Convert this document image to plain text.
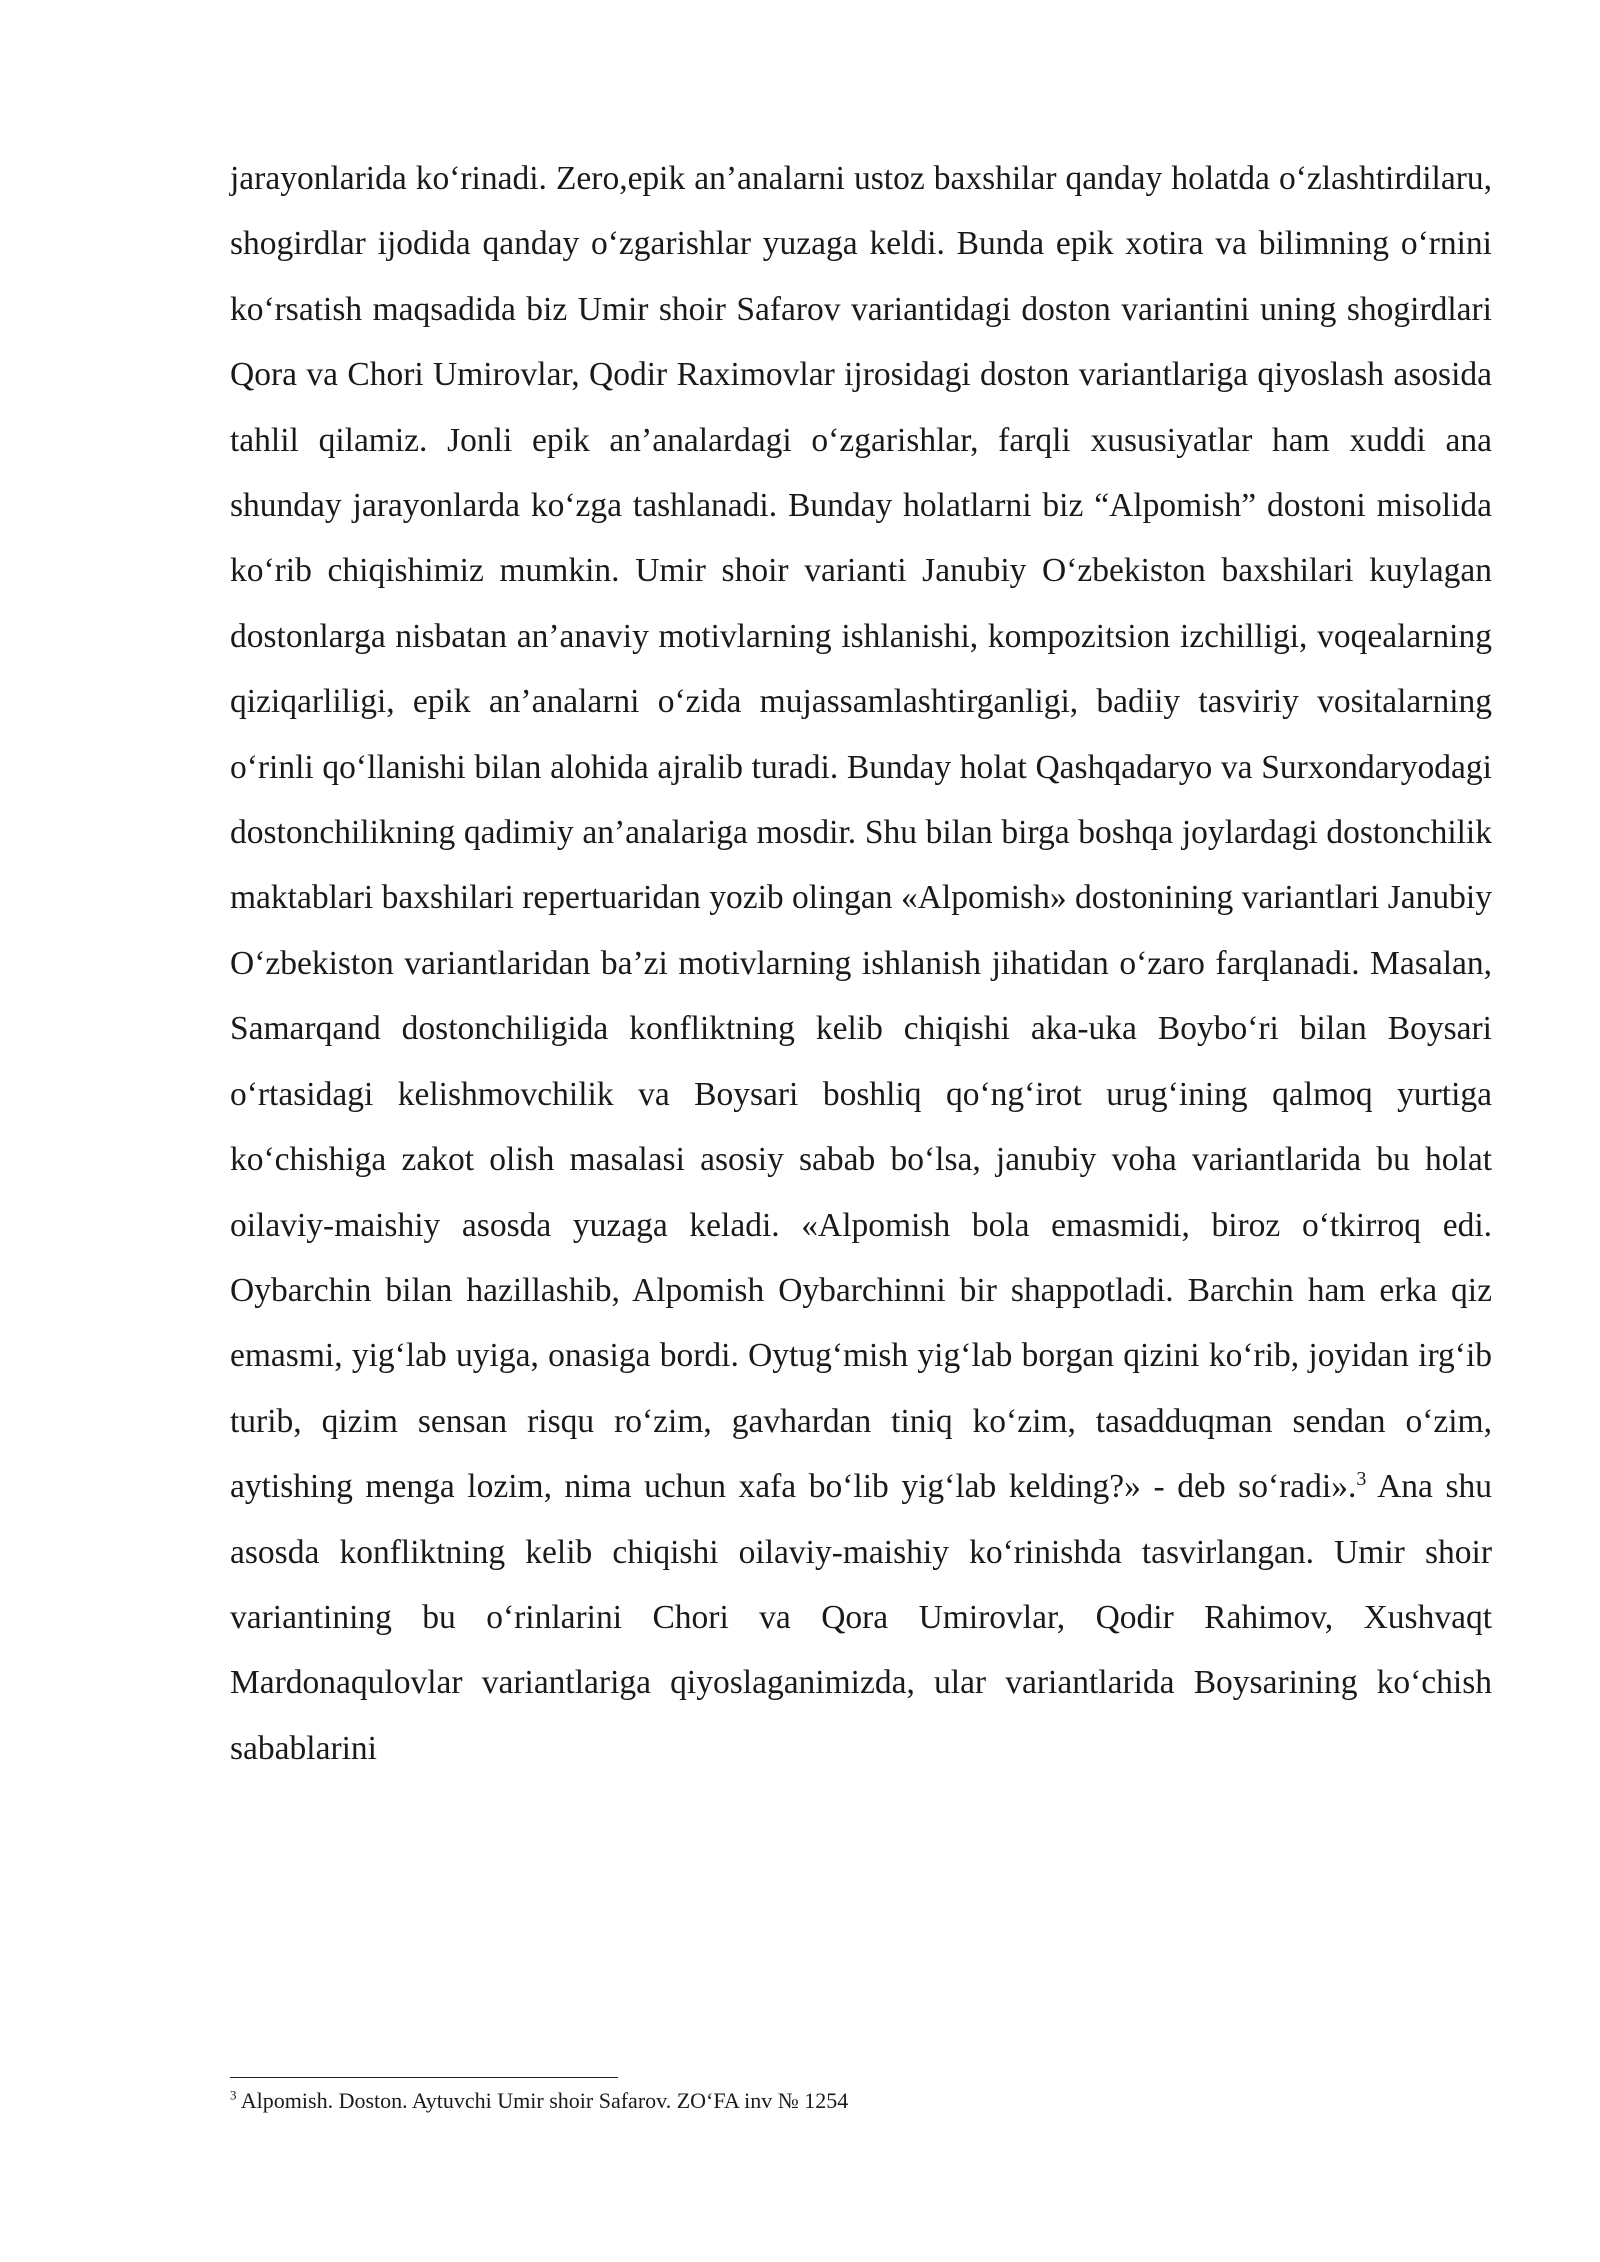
jarayonlarida ko‘rinadi. Zero,epik an’analarni ustoz baxshilar qanday holatda o‘zlashtirdilaru, shogirdlar ijodida qanday o‘zgarishlar yuzaga keldi. Bunda epik xotira va bilimning o‘rnini ko‘rsatish maqsadida biz Umir shoir Safarov variantidagi doston variantini uning shogirdlari Qora va Chori Umirovlar, Qodir Raximovlar ijrosidagi doston variantlariga qiyoslash asosida tahlil qilamiz. Jonli epik an’analardagi o‘zgarishlar, farqli xususiyatlar ham xuddi ana shunday jarayonlarda ko‘zga tashlanadi. Bunday holatlarni biz “Alpomish” dostoni misolida ko‘rib chiqishimiz mumkin. Umir shoir varianti Janubiy O‘zbekiston baxshilari kuylagan dostonlarga nisbatan an’anaviy motivlarning ishlanishi, kompozitsion izchilligi, voqealarning qiziqarliligi, epik an’analarni o‘zida mujassamlashtirganligi, badiiy tasviriy vositalarning o‘rinli qo‘llanishi bilan alohida ajralib turadi. Bunday holat Qashqadaryo va Surxondaryodagi dostonchilikning qadimiy an’analariga mosdir. Shu bilan birga boshqa joylardagi dostonchilik maktablari baxshilari repertuaridan yozib olingan «Alpomish» dostonining variantlari Janubiy O‘zbekiston variantlaridan ba’zi motivlarning ishlanish jihatidan o‘zaro farqlanadi. Masalan, Samarqand dostonchiligida konfliktning kelib chiqishi aka-uka Boybo‘ri bilan Boysari o‘rtasidagi kelishmovchilik va Boysari boshliq qo‘ng‘irot urug‘ining qalmoq yurtiga ko‘chishiga zakot olish masalasi asosiy sabab bo‘lsa, janubiy voha variantlarida bu holat oilaviy-maishiy asosda yuzaga keladi. «Alpomish bola emasmidi, biroz o‘tkirroq edi. Oybarchin bilan hazillashib, Alpomish Oybarchinni bir shappotladi. Barchin ham erka qiz emasmi, yig‘lab uyiga, onasiga bordi. Oytug‘mish yig‘lab borgan qizini ko‘rib, joyidan irg‘ib turib, qizim sensan risqu ro‘zim, gavhardan tiniq ko‘zim, tasadduqman sendan o‘zim, aytishing menga lozim, nima uchun xafa bo‘lib yig‘lab kelding?» - deb so‘radi».$^3$ Ana shu asosda konfliktning kelib chiqishi oilaviy-maishiy ko‘rinishda tasvirlangan. Umir shoir variantining bu o‘rinlarini Chori va Qora Umirovlar, Qodir Rahimov, Xushvaqt Mardonaqulovlar variantlariga qiyoslaganimizda, ular variantlarida Boysarining ko‘chish sabablarini

$^3$ Alpomish. Doston. Aytuvchi Umir shoir Safarov. ZO‘FA inv № 1254
